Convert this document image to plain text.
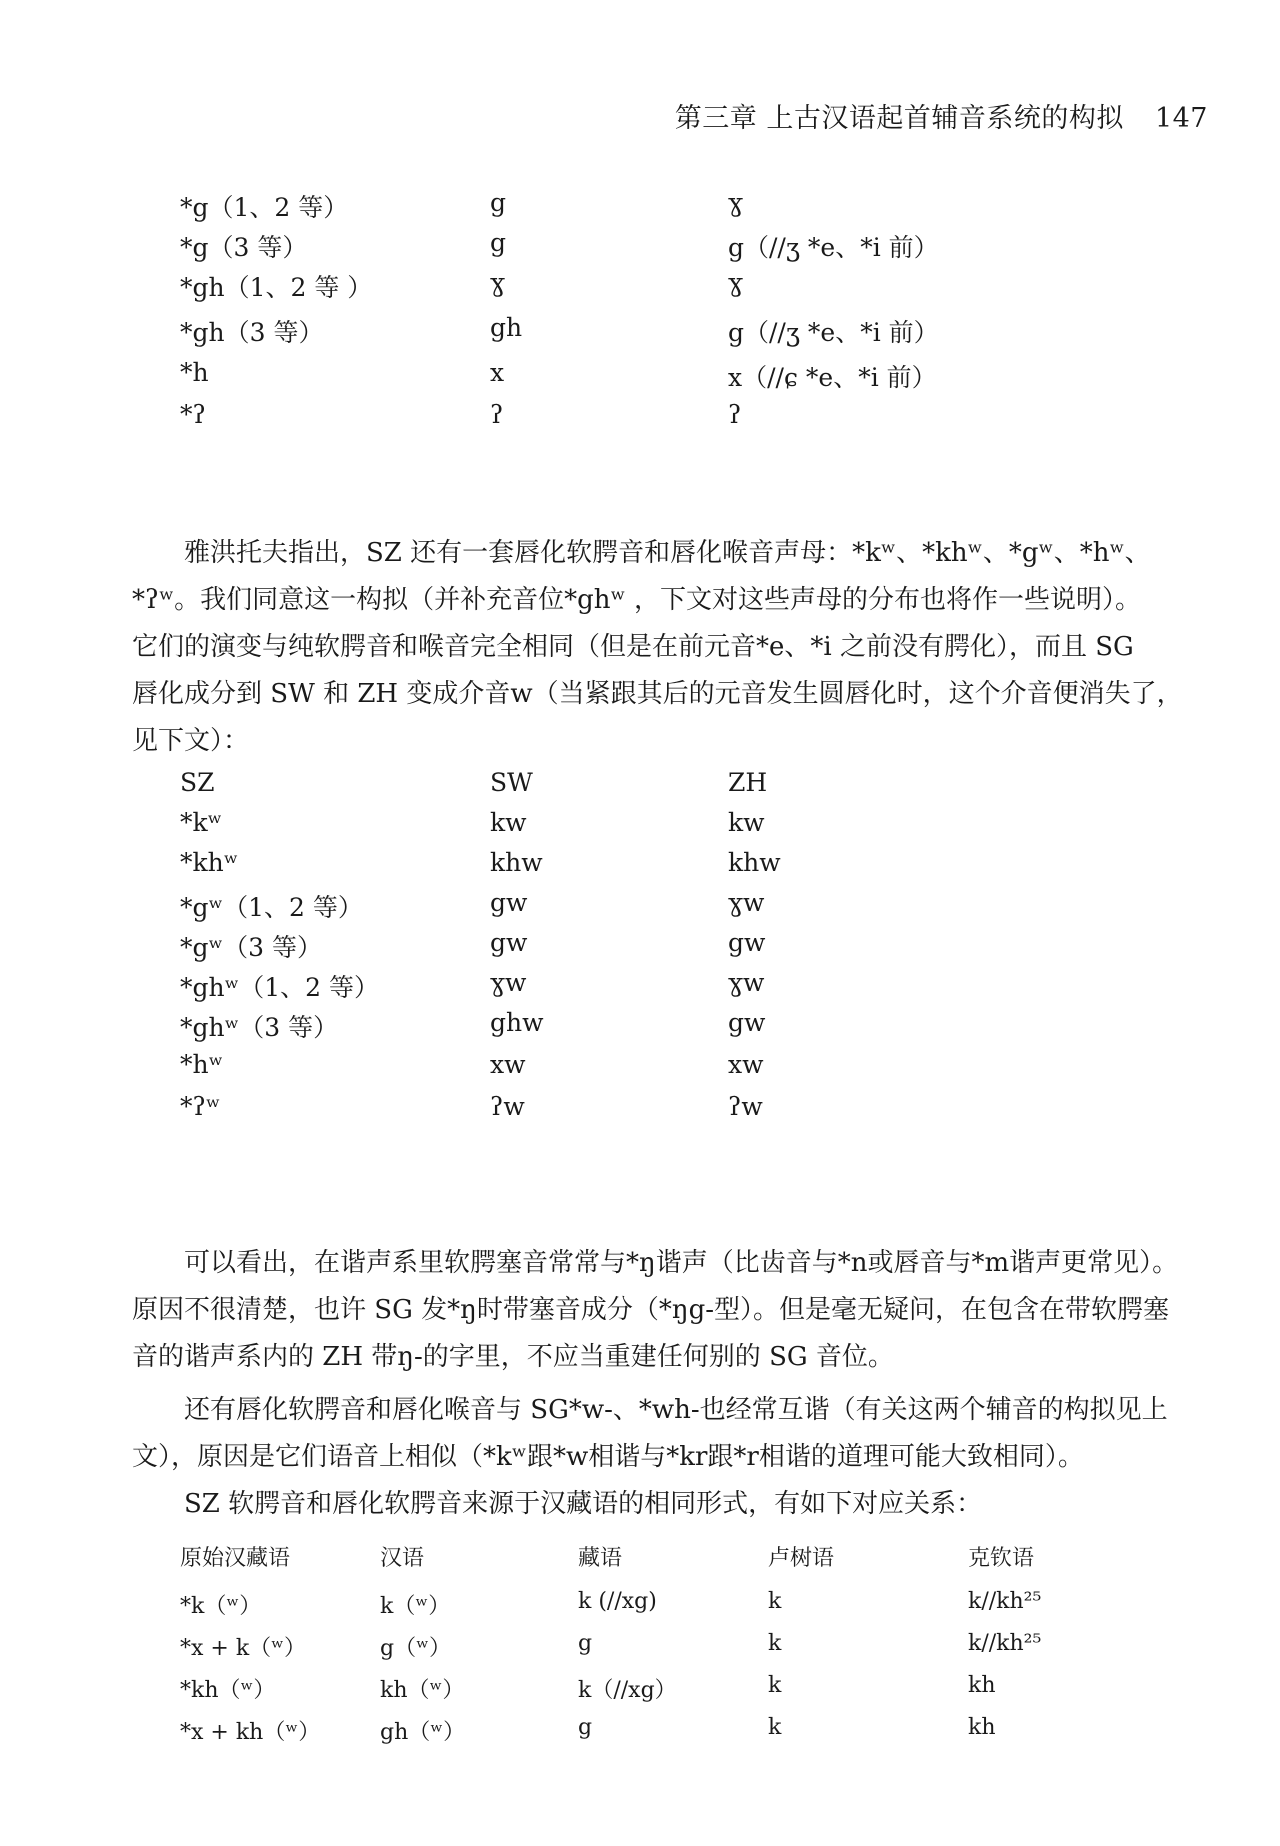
第三章 上古汉语起首辅音系统的构拟 147
*g（1、2 等）	g	ɣ
*g（3 等）	g	g（//ʒ *e、*i 前）
*gh（1、2 等 ）	ɣ	ɣ
*gh（3 等）	gh	g（//ʒ *e、*i 前）
*h	x	x（//ɕ *e、*i 前）
*ʔ	ʔ	ʔ
雅洪托夫指出，SZ 还有一套唇化软腭音和唇化喉音声母：*kʷ、*khʷ、*gʷ、*hʷ、
*ʔʷ。我们同意这一构拟（并补充音位*ghʷ ，下文对这些声母的分布也将作一些说明）。
它们的演变与纯软腭音和喉音完全相同（但是在前元音*e、*i 之前没有腭化），而且 SG
唇化成分到 SW 和 ZH 变成介音w（当紧跟其后的元音发生圆唇化时，这个介音便消失了，
见下文）：
SZ	SW	ZH
*kʷ	kw	kw
*khʷ	khw	khw
*gʷ（1、2 等）	gw	ɣw
*gʷ（3 等）	gw	gw
*ghʷ（1、2 等）	ɣw	ɣw
*ghʷ（3 等）	ghw	gw
*hʷ	xw	xw
*ʔʷ	ʔw	ʔw
可以看出，在谐声系里软腭塞音常常与*ŋ谐声（比齿音与*n或唇音与*m谐声更常见）。
原因不很清楚，也许 SG 发*ŋ时带塞音成分（*ŋg-型）。但是毫无疑问，在包含在带软腭塞
音的谐声系内的 ZH 带ŋ-的字里，不应当重建任何别的 SG 音位。
还有唇化软腭音和唇化喉音与 SG*w-、*wh-也经常互谐（有关这两个辅音的构拟见上
文），原因是它们语音上相似（*kʷ跟*w相谐与*kr跟*r相谐的道理可能大致相同）。
SZ 软腭音和唇化软腭音来源于汉藏语的相同形式，有如下对应关系：
原始汉藏语	汉语	藏语	卢树语	克钦语
*k（ʷ）	k（ʷ）	k (//xg)	k	k//kh²⁵
*x + k（ʷ）	g（ʷ）	g	k	k//kh²⁵
*kh（ʷ）	kh（ʷ）	k（//xg）	k	kh
*x + kh（ʷ）	gh（ʷ）	g	k	kh
